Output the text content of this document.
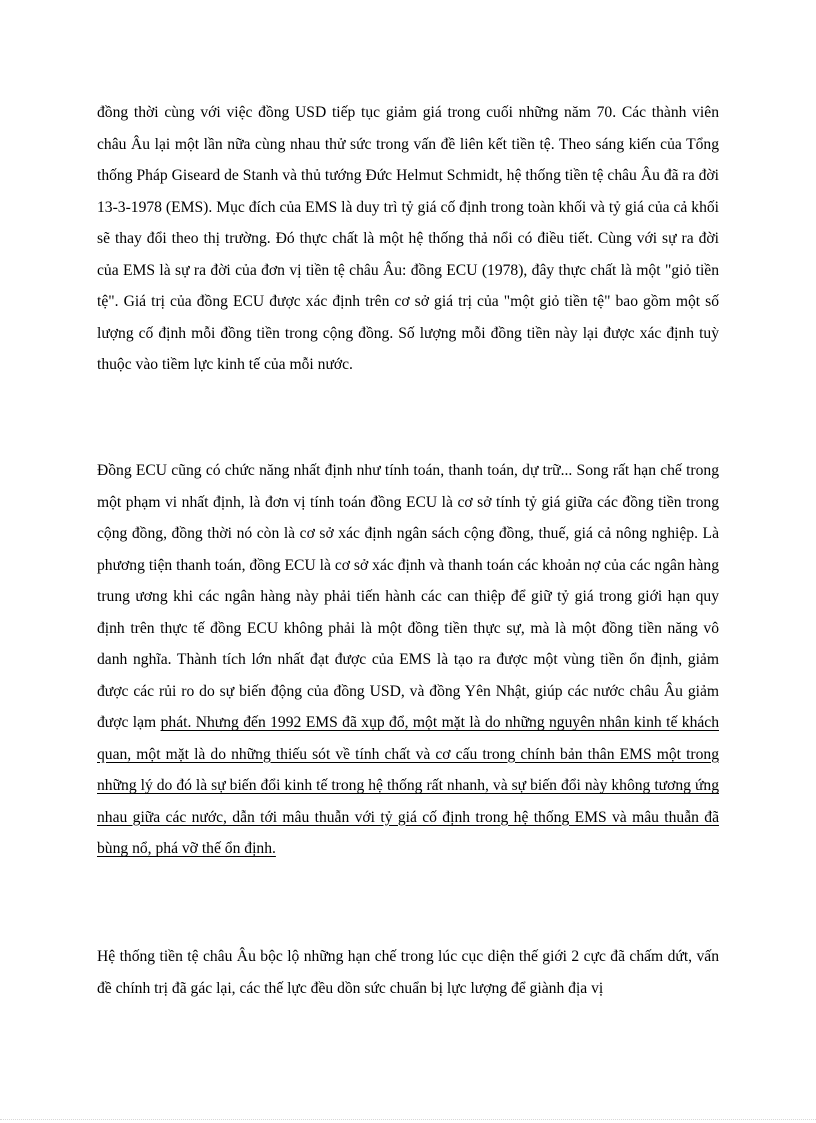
đồng thời cùng với việc đồng USD tiếp tục giảm giá trong cuối những năm 70. Các thành viên châu Âu lại một lần nữa cùng nhau thử sức trong vấn đề liên kết tiền tệ. Theo sáng kiến của Tổng thống Pháp Giseard de Stanh và thủ tướng Đức Helmut Schmidt, hệ thống tiền tệ châu Âu đã ra đời 13-3-1978 (EMS). Mục đích của EMS là duy trì tỷ giá cố định trong toàn khối và tỷ giá của cả khối sẽ thay đổi theo thị trường. Đó thực chất là một hệ thống thả nổi có điều tiết. Cùng với sự ra đời của EMS là sự ra đời của đơn vị tiền tệ châu Âu: đồng ECU (1978), đây thực chất là một "giỏ tiền tệ". Giá trị của đồng ECU được xác định trên cơ sở giá trị của "một giỏ tiền tệ" bao gồm một số lượng cố định mỗi đồng tiền trong cộng đồng. Số lượng mỗi đồng tiền này lại được xác định tuỳ thuộc vào tiềm lực kinh tế của mỗi nước.

Đồng ECU cũng có chức năng nhất định như tính toán, thanh toán, dự trữ... Song rất hạn chế trong một phạm vi nhất định, là đơn vị tính toán đồng ECU là cơ sở tính tỷ giá giữa các đồng tiền trong cộng đồng, đồng thời nó còn là cơ sở xác định ngân sách cộng đồng, thuế, giá cả nông nghiệp. Là phương tiện thanh toán, đồng ECU là cơ sở xác định và thanh toán các khoản nợ của các ngân hàng trung ương khi các ngân hàng này phải tiến hành các can thiệp để giữ tỷ giá trong giới hạn quy định trên thực tế đồng ECU không phải là một đồng tiền thực sự, mà là một đồng tiền năng vô danh nghĩa. Thành tích lớn nhất đạt được của EMS là tạo ra được một vùng tiền ổn định, giảm được các rủi ro do sự biến động của đồng USD, và đồng Yên Nhật, giúp các nước châu Âu giảm được lạm phát. Nhưng đến 1992 EMS đã xụp đổ, một mặt là do những nguyên nhân kinh tế khách quan, một mặt là do những thiếu sót về tính chất và cơ cấu trong chính bản thân EMS một trong những lý do đó là sự biến đổi kinh tế trong hệ thống rất nhanh, và sự biến đổi này không tương ứng nhau giữa các nước, dẫn tới mâu thuẫn với tỷ giá cố định trong hệ thống EMS và mâu thuẫn đã bùng nổ, phá vỡ thế ổn định.

Hệ thống tiền tệ châu Âu bộc lộ những hạn chế trong lúc cục diện thế giới 2 cực đã chấm dứt, vấn đề chính trị đã gác lại, các thế lực đều dồn sức chuẩn bị lực lượng để giành địa vị
